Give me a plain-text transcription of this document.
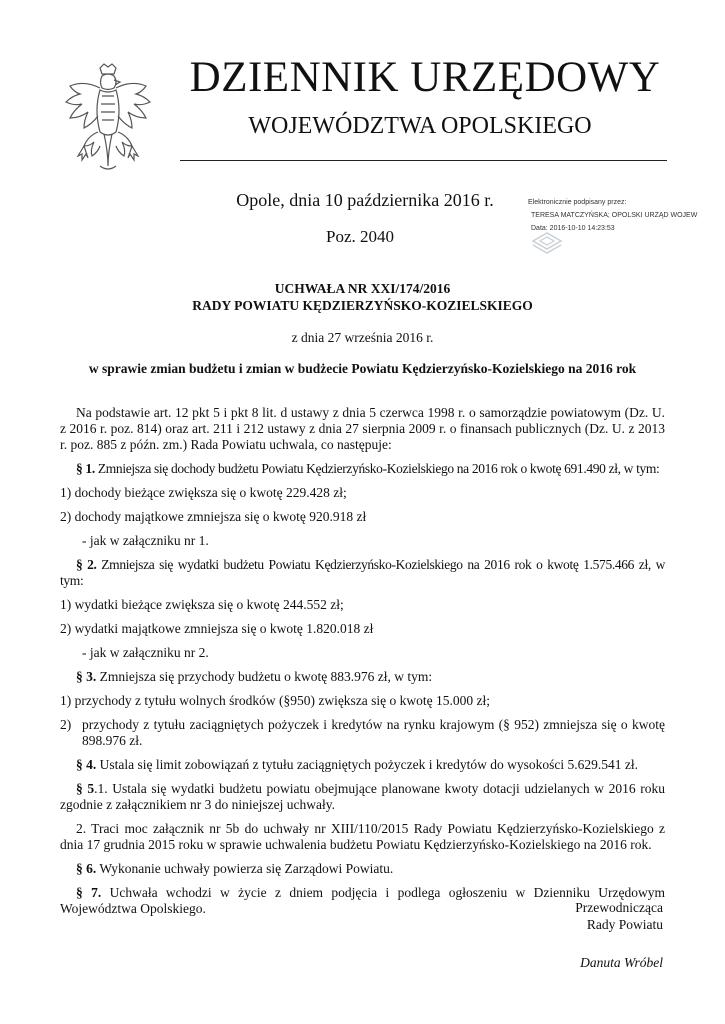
DZIENNIK URZĘDOWY
WOJEWÓDZTWA OPOLSKIEGO
Opole, dnia 10 października 2016 r.
Poz. 2040
Elektronicznie podpisany przez:
TERESA MATCZYŃSKA; OPOLSKI URZĄD WOJEW
Data: 2016-10-10 14:23:53
UCHWAŁA NR XXI/174/2016
RADY POWIATU KĘDZIERZYŃSKO-KOZIELSKIEGO
z dnia 27 września 2016 r.
w sprawie zmian budżetu i zmian w budżecie Powiatu Kędzierzyńsko-Kozielskiego na 2016 rok

Na podstawie art. 12 pkt 5 i pkt 8 lit. d ustawy z dnia 5 czerwca 1998 r. o samorządzie powiatowym (Dz. U. z 2016 r. poz. 814) oraz art. 211 i 212 ustawy z dnia 27 sierpnia 2009 r. o finansach publicznych (Dz. U. z 2013 r. poz. 885 z późn. zm.) Rada Powiatu uchwala, co następuje:

§ 1. Zmniejsza się dochody budżetu Powiatu Kędzierzyńsko-Kozielskiego na 2016 rok o kwotę 691.490 zł, w tym:

1) dochody bieżące zwiększa się o kwotę 229.428 zł;

2) dochody majątkowe zmniejsza się o kwotę 920.918 zł

- jak w załączniku nr 1.

§ 2. Zmniejsza się wydatki budżetu Powiatu Kędzierzyńsko-Kozielskiego na 2016 rok o kwotę 1.575.466 zł, w tym:

1) wydatki bieżące zwiększa się o kwotę 244.552 zł;

2) wydatki majątkowe zmniejsza się o kwotę 1.820.018 zł

- jak w załączniku nr 2.

§ 3. Zmniejsza się przychody budżetu o kwotę 883.976 zł, w tym:

1) przychody z tytułu wolnych środków (§950) zwiększa się o kwotę 15.000 zł;

2) przychody z tytułu zaciągniętych pożyczek i kredytów na rynku krajowym (§ 952) zmniejsza się o kwotę 898.976 zł.

§ 4. Ustala się limit zobowiązań z tytułu zaciągniętych pożyczek i kredytów do wysokości 5.629.541 zł.

§ 5.1. Ustala się wydatki budżetu powiatu obejmujące planowane kwoty dotacji udzielanych w 2016 roku zgodnie z załącznikiem nr 3 do niniejszej uchwały.

2. Traci moc załącznik nr 5b do uchwały nr XIII/110/2015 Rady Powiatu Kędzierzyńsko-Kozielskiego z dnia 17 grudnia 2015 roku w sprawie uchwalenia budżetu Powiatu Kędzierzyńsko-Kozielskiego na 2016 rok.

§ 6. Wykonanie uchwały powierza się Zarządowi Powiatu.

§ 7. Uchwała wchodzi w życie z dniem podjęcia i podlega ogłoszeniu w Dzienniku Urzędowym Województwa Opolskiego.	Przewodnicząca
Rady Powiatu
Danuta Wróbel
